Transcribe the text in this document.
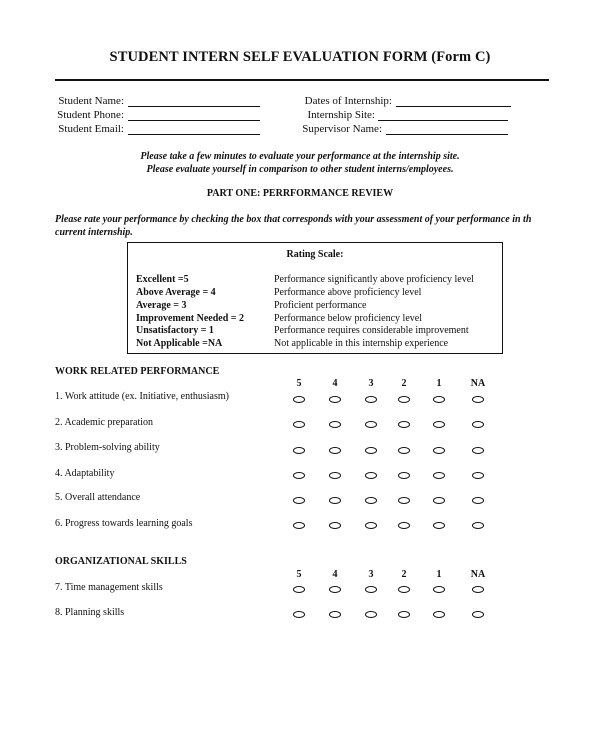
STUDENT INTERN SELF EVALUATION FORM (Form C)
Student Name:
Student Phone:
Student Email:
Dates of Internship:
Internship Site:
Supervisor Name:
Please take a few minutes to evaluate your performance at the internship site.
Please evaluate yourself in comparison to other student interns/employees.
PART ONE: PERRFORMANCE REVIEW
Please rate your performance by checking the box that corresponds with your assessment of your performance in th
current internship.
Rating Scale:
Excellent =5	Performance significantly above proficiency level
Above Average = 4	Performance above proficiency level
Average = 3	Proficient performance
Improvement Needed = 2	Performance below proficiency level
Unsatisfactory = 1	Performance requires considerable improvement
Not Applicable =NA	Not applicable in this internship experience
WORK RELATED PERFORMANCE
5	4	3	2	1	NA
1. Work attitude (ex. Initiative, enthusiasm)
2. Academic preparation
3. Problem-solving ability
4. Adaptability
5. Overall attendance
6. Progress towards learning goals
ORGANIZATIONAL SKILLS
5	4	3	2	1	NA
7. Time management skills
8. Planning skills
